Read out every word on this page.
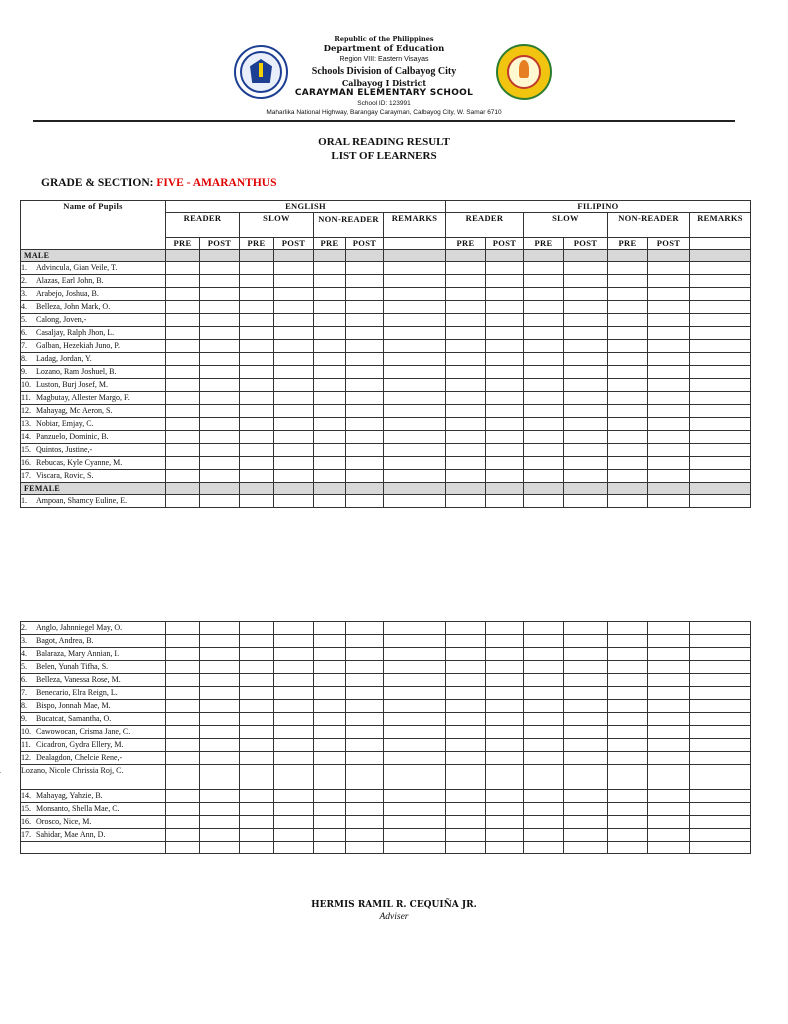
Republic of the Philippines
Department of Education
Region VIII: Eastern Visayas
Schools Division of Calbayog City
Calbayog I District
CARAYMAN ELEMENTARY SCHOOL
School ID: 123991
Maharlika National Highway, Barangay Carayman, Calbayog City, W. Samar 6710
ORAL READING RESULT
LIST OF LEARNERS
GRADE & SECTION: FIVE - AMARANTHUS
Name of Pupils	ENGLISH							FILIPINO						
	READER		SLOW		NON-READER		REMARKS	READER		SLOW		NON-READER		REMARKS
	PRE	POST	PRE	POST	PRE	POST		PRE	POST	PRE	POST	PRE	POST	
MALE														
1. Advincula, Gian Veile, T.														
2. Alazas, Earl John, B.														
3. Arabejo, Joshua, B.														
4. Belleza, John Mark, O.														
5. Calong, Joven,-														
6. Casaljay, Ralph Jhon, L.														
7. Galban, Hezekiah Juno, P.														
8. Ladag, Jordan, Y.														
9. Lozano, Ram Joshuel, B.														
10. Luston, Burj Josef, M.														
11. Magbutay, Allester Margo, F.														
12. Mahayag, Mc Aeron, S.														
13. Nobiar, Emjay, C.														
14. Panzuelo, Dominic, B.														
15. Quintos, Justine,-														
16. Rebucas, Kyle Cyanne, M.														
17. Viscara, Rovic, S.														
FEMALE														
1. Ampoan, Shamcy Euline, E.														
2. Anglo, Jahnniegel May, O.														
3. Bagot, Andrea, B.														
4. Balaraza, Mary Annian, I.														
5. Belen, Yunah Tifha, S.														
6. Belleza, Vanessa Rose, M.														
7. Benecario, Elra Reign, L.														
8. Bispo, Jonnah Mae, M.														
9. Bucatcat, Samantha, O.														
10. Cawowocan, Crisma Jane, C.														
11. Cicadron, Gydra Ellery, M.														
12. Dealagdon, Chelcie Rene,-														
Lozano, Nicole Chrissia Roj, C.														
14. Mahayag, Yahzie, B.														
15. Monsanto, Shella Mae, C.														
16. Orosco, Nice, M.														
17. Sahidar, Mae Ann, D.														

HERMIS RAMIL R. CEQUIÑA JR.
Adviser
